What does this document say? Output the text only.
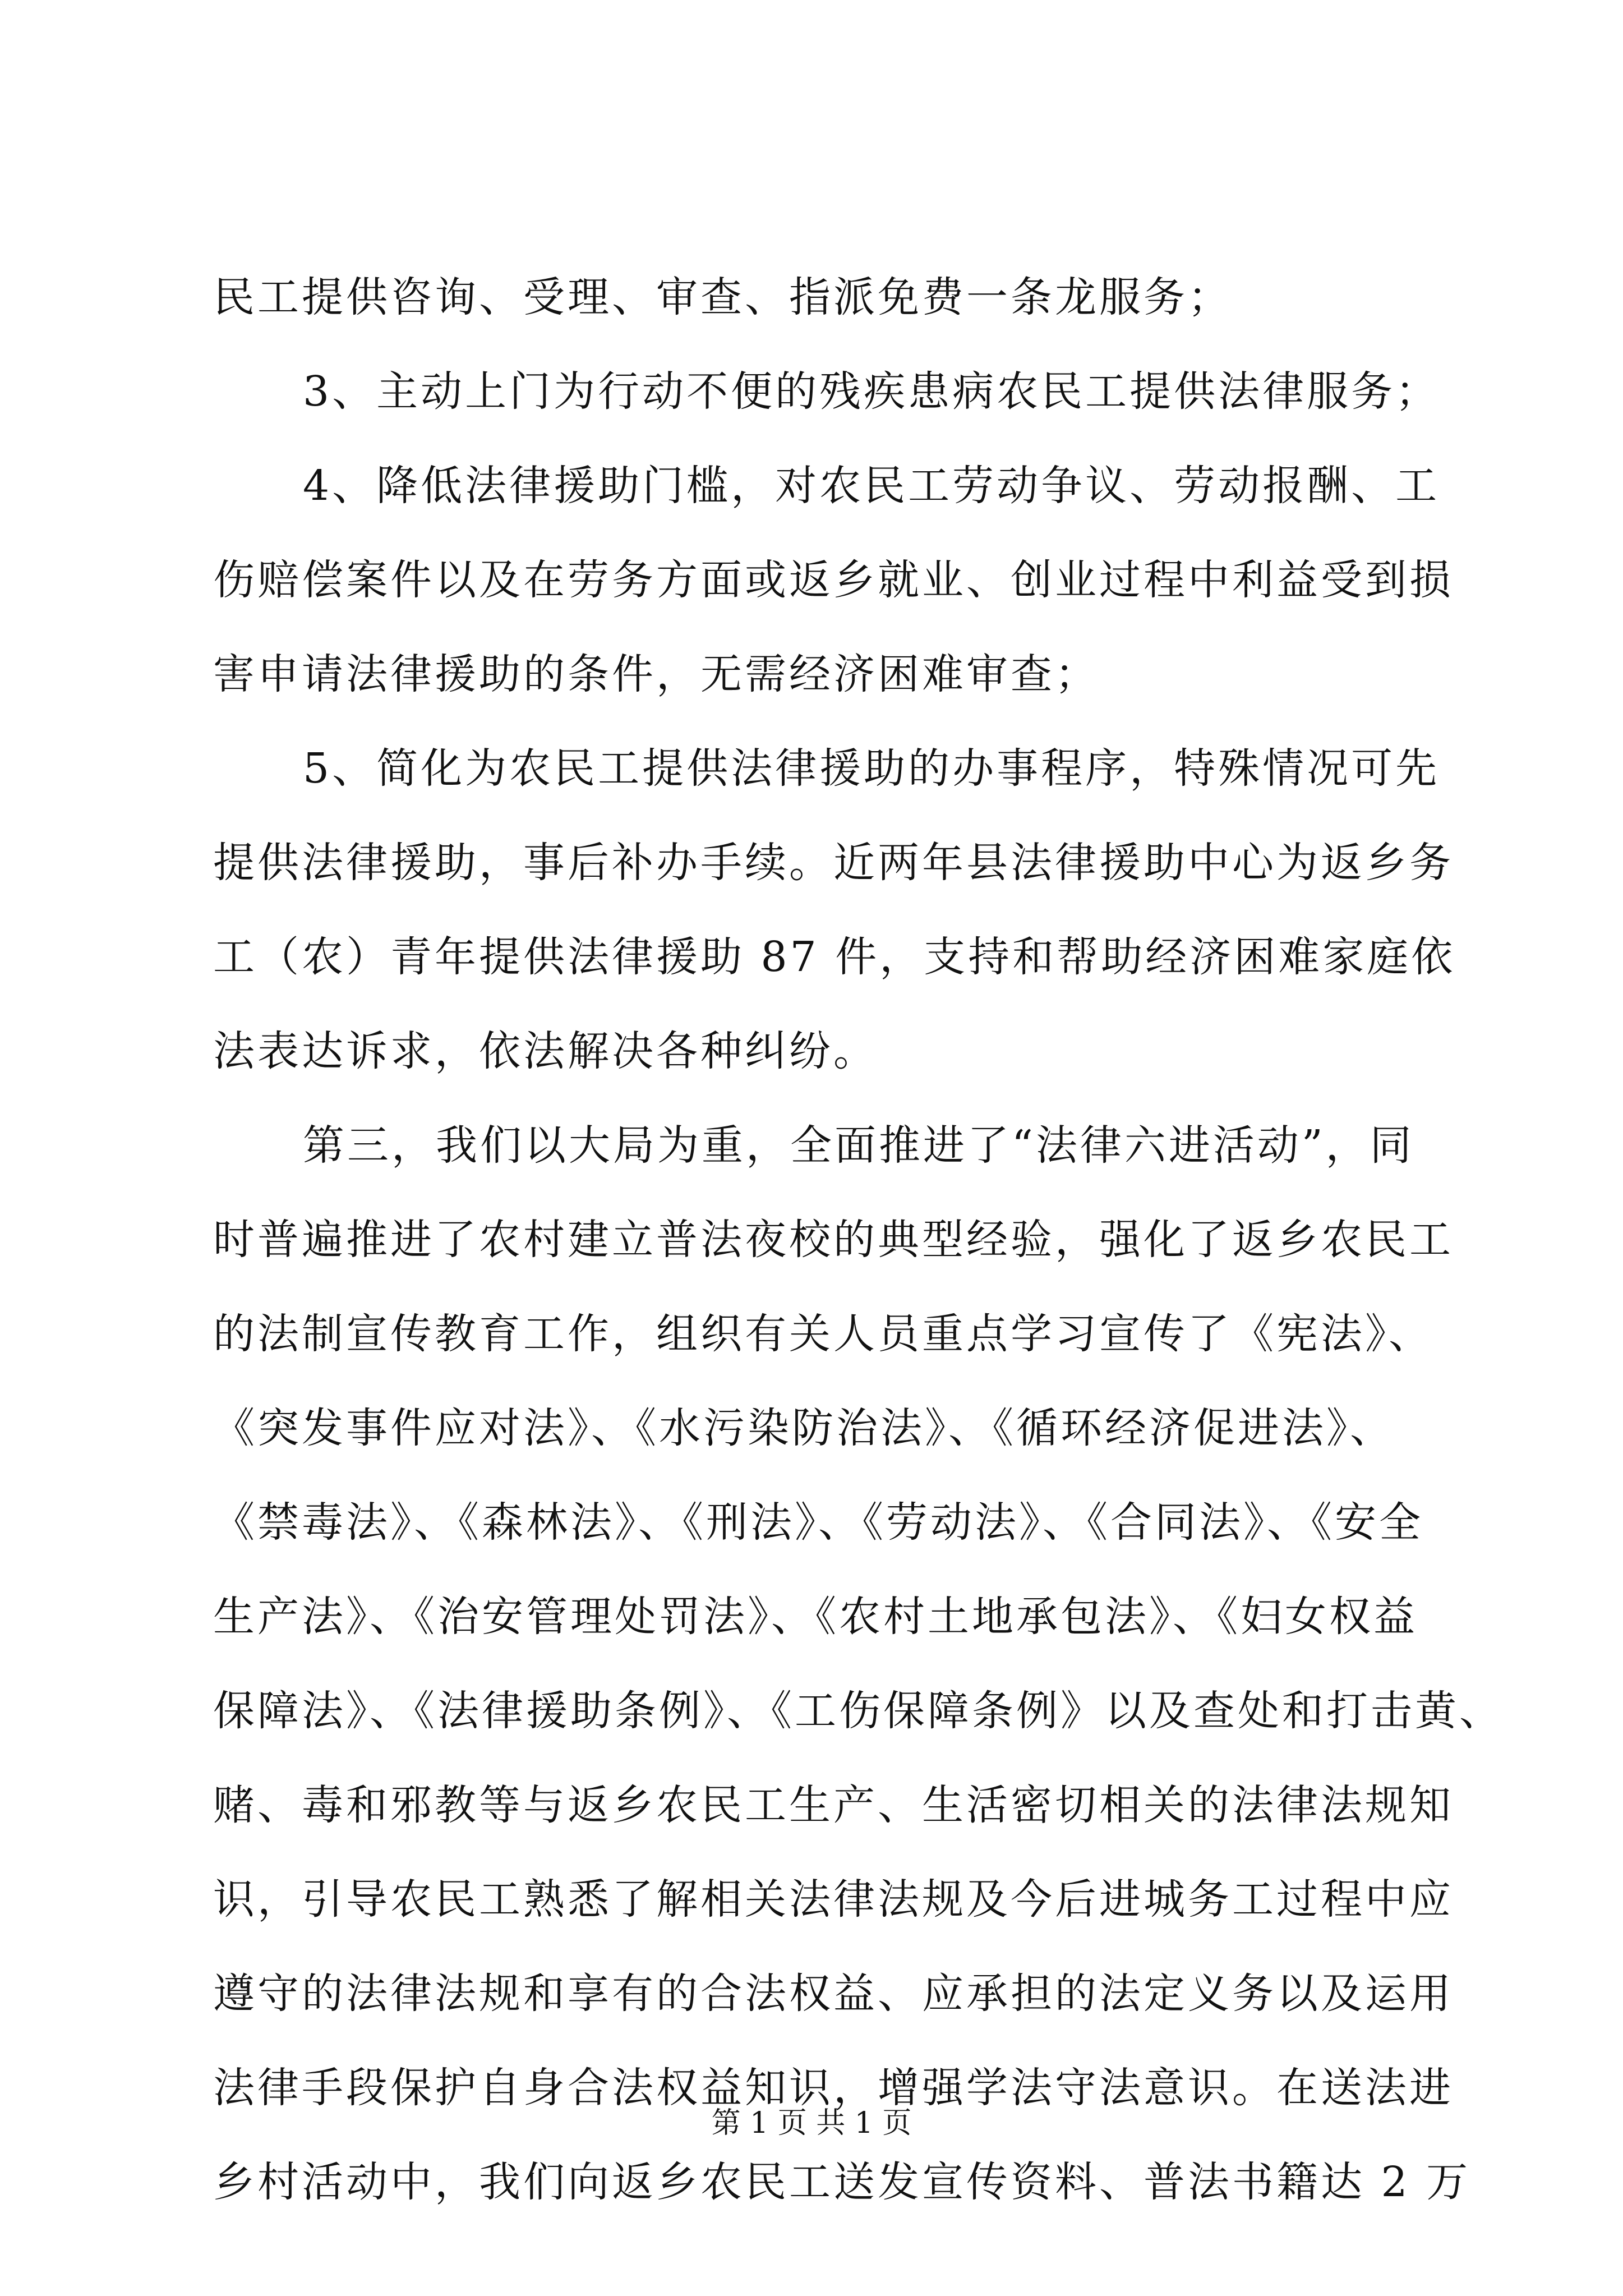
民工提供咨询、受理、审查、指派免费一条龙服务；
3、主动上门为行动不便的残疾患病农民工提供法律服务；
4、降低法律援助门槛，对农民工劳动争议、劳动报酬、工
伤赔偿案件以及在劳务方面或返乡就业、创业过程中利益受到损
害申请法律援助的条件，无需经济困难审查；
5、简化为农民工提供法律援助的办事程序，特殊情况可先
提供法律援助，事后补办手续。近两年县法律援助中心为返乡务
工（农）青年提供法律援助 87 件，支持和帮助经济困难家庭依
法表达诉求，依法解决各种纠纷。
第三，我们以大局为重，全面推进了“法律六进活动”，同
时普遍推进了农村建立普法夜校的典型经验，强化了返乡农民工
的法制宣传教育工作，组织有关人员重点学习宣传了《宪法》、
《突发事件应对法》、《水污染防治法》、《循环经济促进法》、
《禁毒法》、《森林法》、《刑法》、《劳动法》、《合同法》、《安全
生产法》、《治安管理处罚法》、《农村土地承包法》、《妇女权益
保障法》、《法律援助条例》、《工伤保障条例》以及查处和打击黄、
赌、毒和邪教等与返乡农民工生产、生活密切相关的法律法规知
识，引导农民工熟悉了解相关法律法规及今后进城务工过程中应
遵守的法律法规和享有的合法权益、应承担的法定义务以及运用
法律手段保护自身合法权益知识，增强学法守法意识。在送法进
乡村活动中，我们向返乡农民工送发宣传资料、普法书籍达 2 万
第 1 页 共 1 页
